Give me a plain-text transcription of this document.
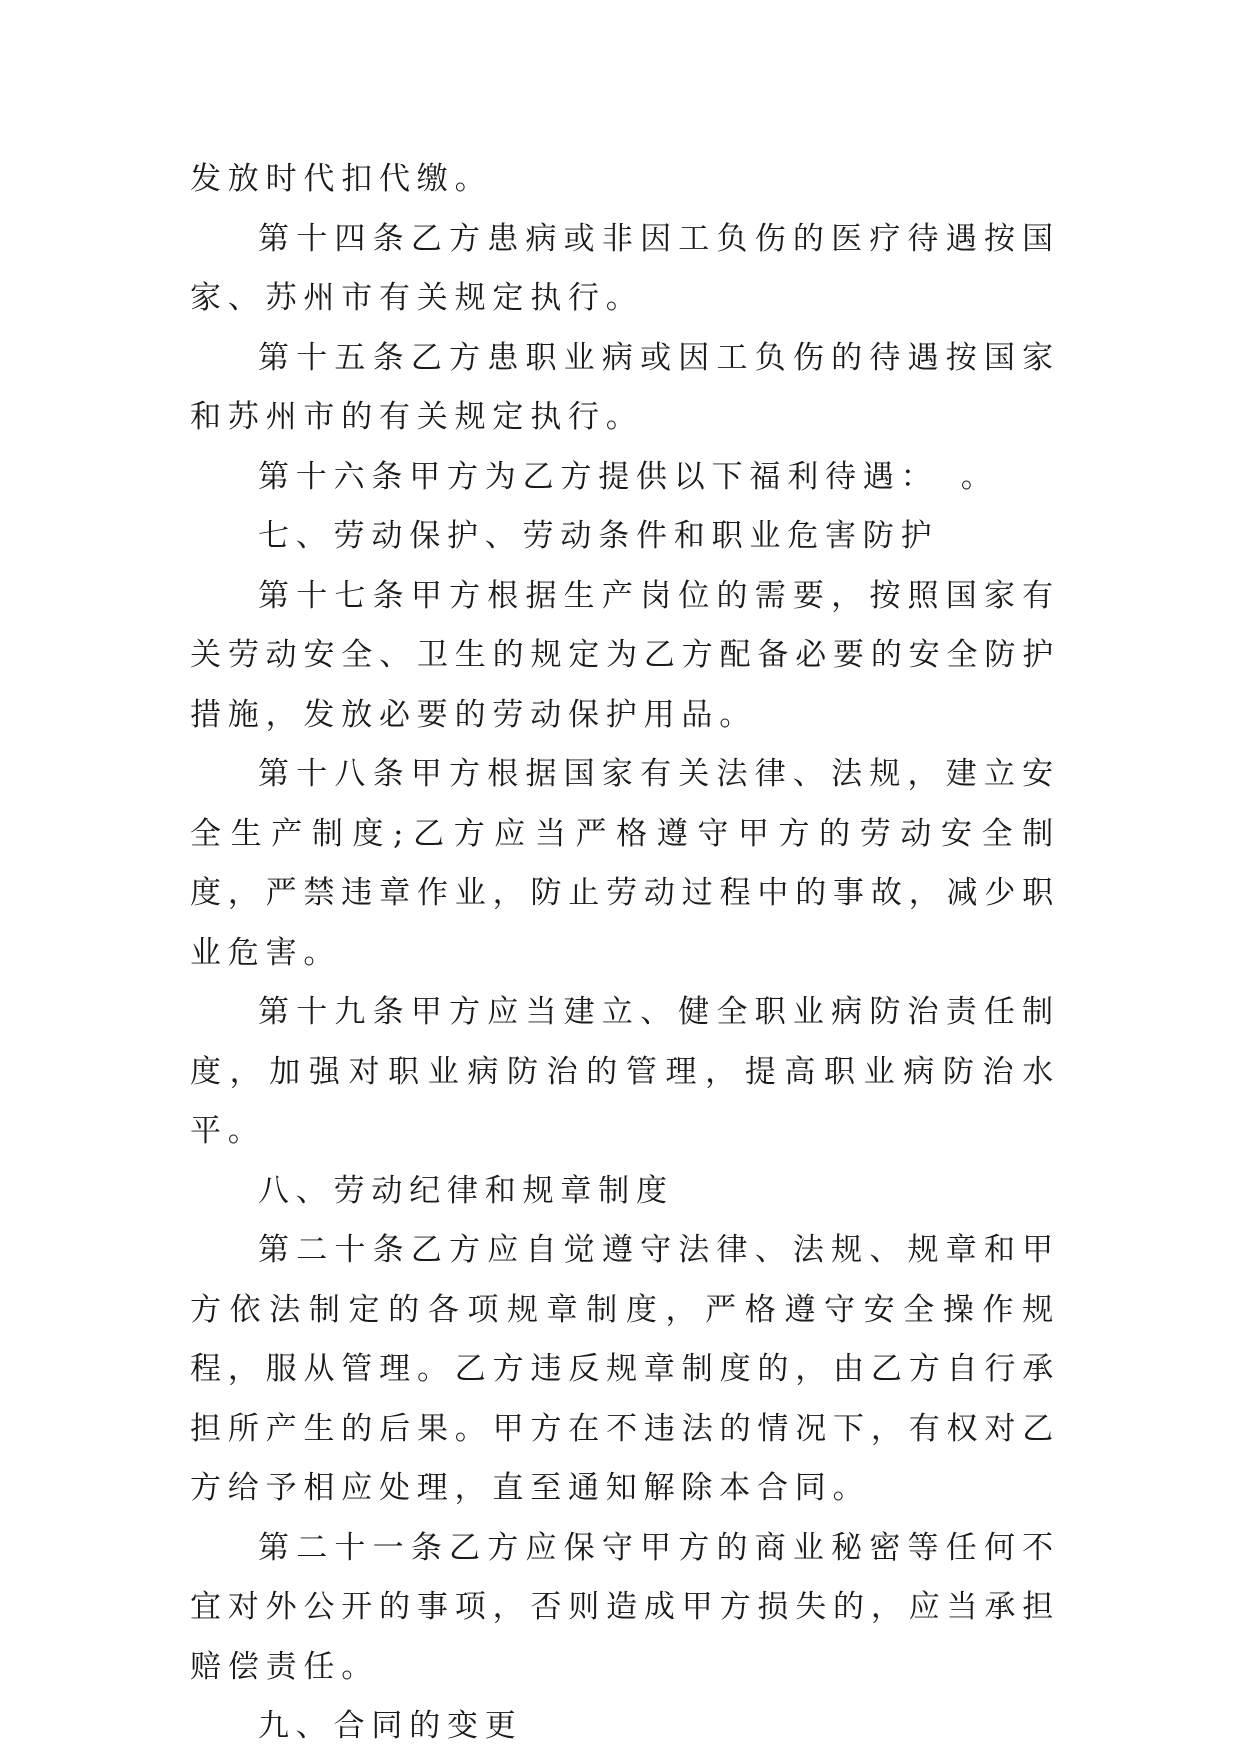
发放时代扣代缴。

第十四条乙方患病或非因工负伤的医疗待遇按国家、苏州市有关规定执行。

第十五条乙方患职业病或因工负伤的待遇按国家和苏州市的有关规定执行。

第十六条甲方为乙方提供以下福利待遇：　。

七、劳动保护、劳动条件和职业危害防护

第十七条甲方根据生产岗位的需要，按照国家有关劳动安全、卫生的规定为乙方配备必要的安全防护措施，发放必要的劳动保护用品。

第十八条甲方根据国家有关法律、法规，建立安全生产制度;乙方应当严格遵守甲方的劳动安全制度，严禁违章作业，防止劳动过程中的事故，减少职业危害。

第十九条甲方应当建立、健全职业病防治责任制度，加强对职业病防治的管理，提高职业病防治水平。

八、劳动纪律和规章制度

第二十条乙方应自觉遵守法律、法规、规章和甲方依法制定的各项规章制度，严格遵守安全操作规程，服从管理。乙方违反规章制度的，由乙方自行承担所产生的后果。甲方在不违法的情况下，有权对乙方给予相应处理，直至通知解除本合同。

第二十一条乙方应保守甲方的商业秘密等任何不宜对外公开的事项，否则造成甲方损失的，应当承担赔偿责任。

九、合同的变更
